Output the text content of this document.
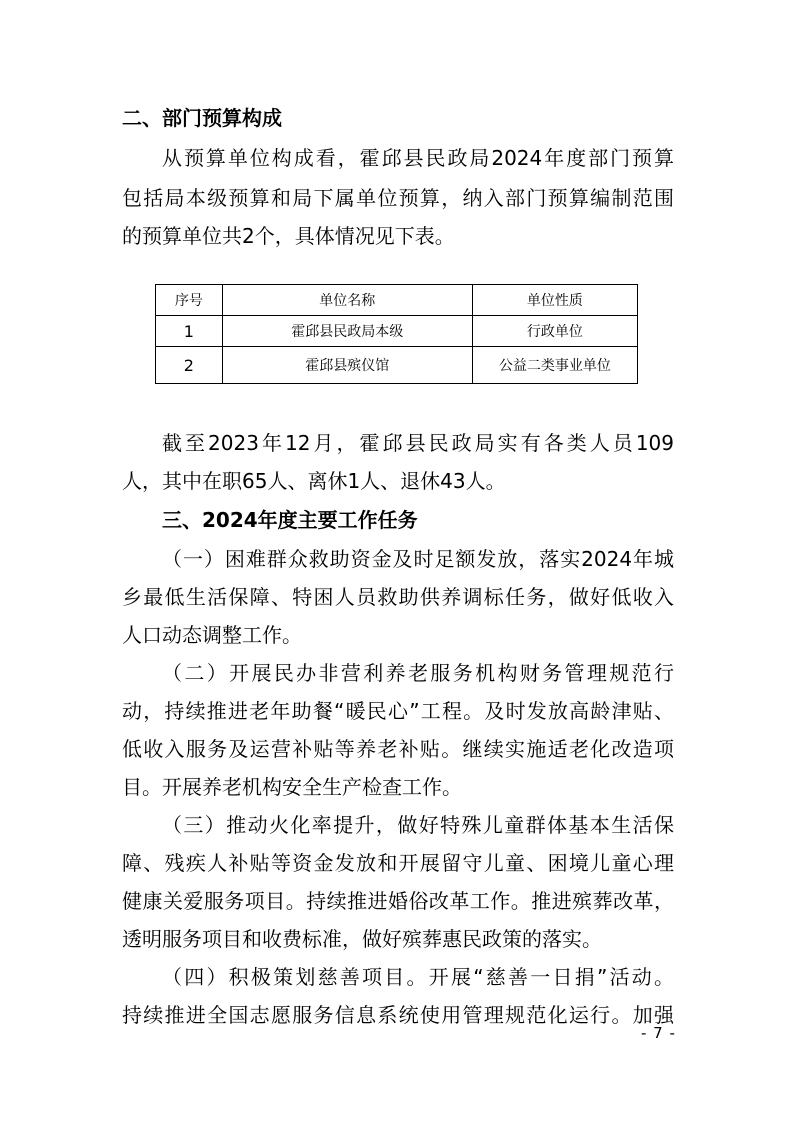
二、部门预算构成
从预算单位构成看，霍邱县民政局2024年度部门预算
包括局本级预算和局下属单位预算，纳入部门预算编制范围
的预算单位共2个，具体情况见下表。
序号	单位名称	单位性质
1	霍邱县民政局本级	行政单位
2	霍邱县殡仪馆	公益二类事业单位
截至2023年12月，霍邱县民政局实有各类人员109
人，其中在职65人、离休1人、退休43人。
三、2024年度主要工作任务
（一）困难群众救助资金及时足额发放，落实2024年城
乡最低生活保障、特困人员救助供养调标任务，做好低收入
人口动态调整工作。
（二）开展民办非营利养老服务机构财务管理规范行
动，持续推进老年助餐“暖民心”工程。及时发放高龄津贴、
低收入服务及运营补贴等养老补贴。继续实施适老化改造项
目。开展养老机构安全生产检查工作。
（三）推动火化率提升，做好特殊儿童群体基本生活保
障、残疾人补贴等资金发放和开展留守儿童、困境儿童心理
健康关爱服务项目。持续推进婚俗改革工作。推进殡葬改革，
透明服务项目和收费标准，做好殡葬惠民政策的落实。
（四）积极策划慈善项目。开展“慈善一日捐”活动。
持续推进全国志愿服务信息系统使用管理规范化运行。加强
- 7 -
